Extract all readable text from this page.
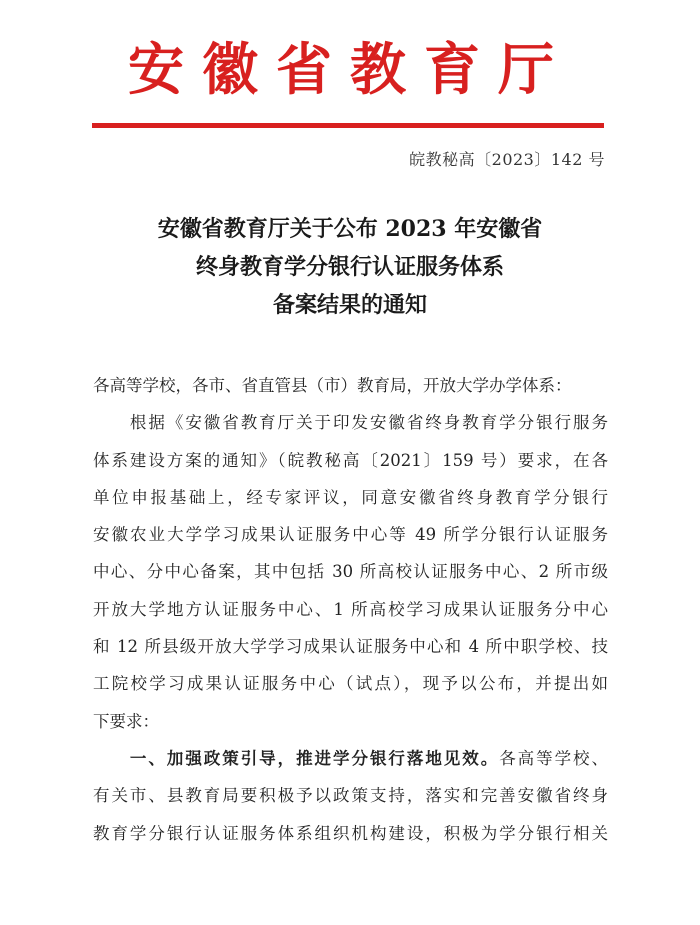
安徽省教育厅
皖教秘高〔2023〕142 号
安徽省教育厅关于公布 2023 年安徽省
终身教育学分银行认证服务体系
备案结果的通知
各高等学校，各市、省直管县（市）教育局，开放大学办学体系：
　　根据《安徽省教育厅关于印发安徽省终身教育学分银行服务
体系建设方案的通知》（皖教秘高〔2021〕159 号）要求，在各
单位申报基础上，经专家评议，同意安徽省终身教育学分银行
安徽农业大学学习成果认证服务中心等 49 所学分银行认证服务
中心、分中心备案，其中包括 30 所高校认证服务中心、2 所市级
开放大学地方认证服务中心、1 所高校学习成果认证服务分中心
和 12 所县级开放大学学习成果认证服务中心和 4 所中职学校、技
工院校学习成果认证服务中心（试点），现予以公布，并提出如
下要求：
　　一、加强政策引导，推进学分银行落地见效。各高等学校、
有关市、县教育局要积极予以政策支持，落实和完善安徽省终身
教育学分银行认证服务体系组织机构建设，积极为学分银行相关
